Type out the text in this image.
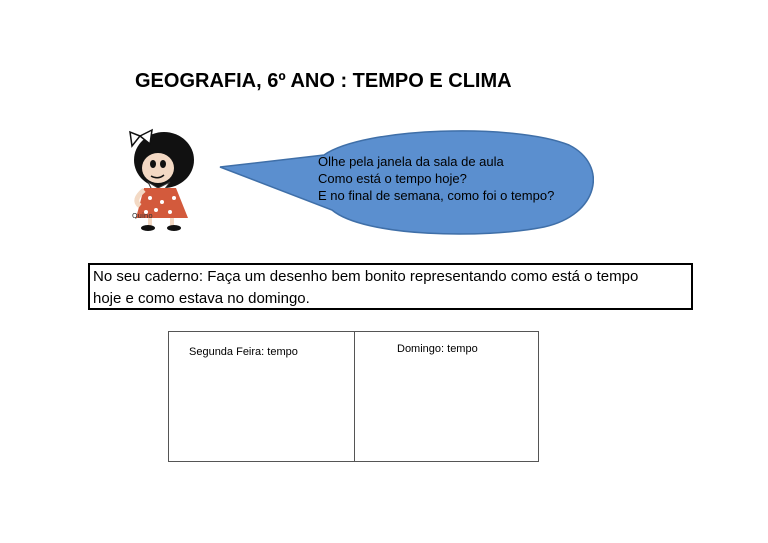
GEOGRAFIA, 6º ANO : TEMPO E CLIMA
Quino
Olhe pela janela da sala de aula
Como está o tempo hoje?
E no final de semana, como foi o tempo?
No seu caderno: Faça um desenho bem bonito representando como está o tempo
hoje e como estava no domingo.
Segunda Feira: tempo	Domingo: tempo
